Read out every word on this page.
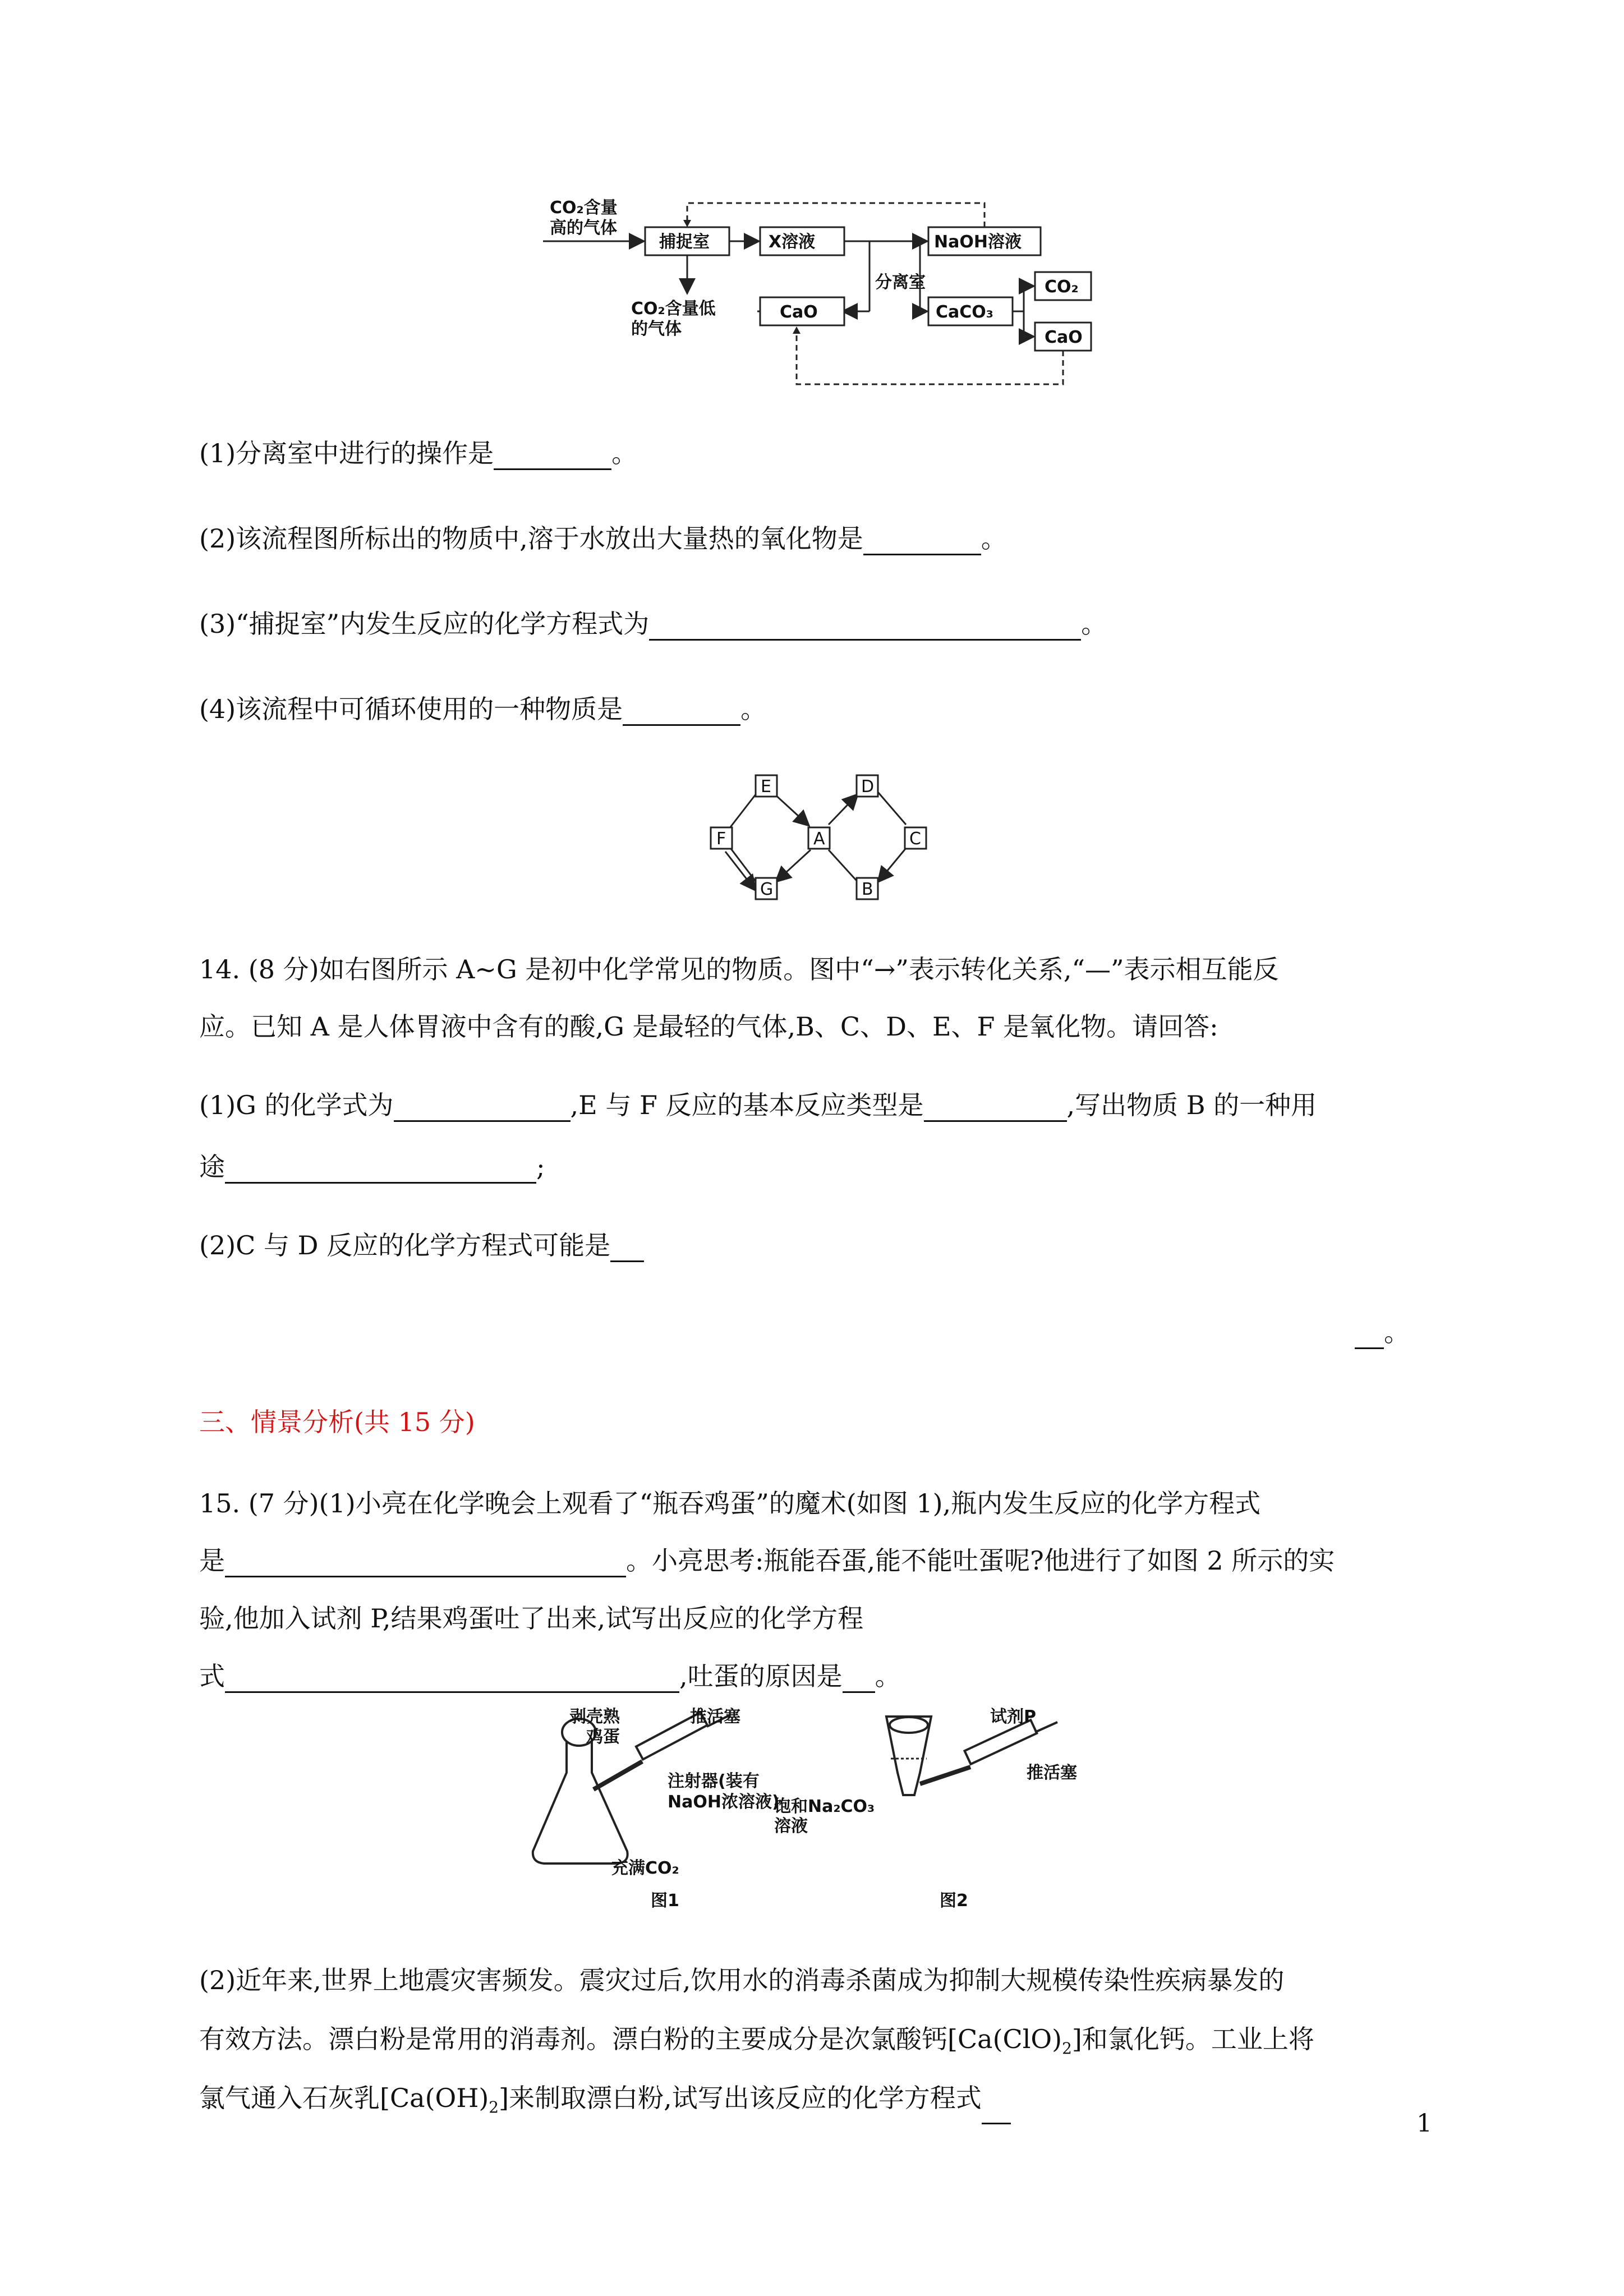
CO₂含量
高的气体
捕捉室	X溶液
分离室
CaO
CO₂含量低
的气体
NaOH溶液
CaCO₃
CO₂
CaO
(1)分离室中进行的操作是	。
(2)该流程图所标出的物质中,溶于水放出大量热的氧化物是	。
(3)“捕捉室”内发生反应的化学方程式为	。
(4)该流程中可循环使用的一种物质是	。
E	D
F	A	C
G	B
14. (8 分)如右图所示 A~G 是初中化学常见的物质。图中“→”表示转化关系,“—”表示相互能反
应。已知 A 是人体胃液中含有的酸,G 是最轻的气体,B、C、D、E、F 是氧化物。请回答:
(1)G 的化学式为	,E 与 F 反应的基本反应类型是	,写出物质 B 的一种用
途	;
(2)C 与 D 反应的化学方程式可能是
。
三、情景分析(共 15 分)
15. (7 分)(1)小亮在化学晚会上观看了“瓶吞鸡蛋”的魔术(如图 1),瓶内发生反应的化学方程式
是	。小亮思考:瓶能吞蛋,能不能吐蛋呢?他进行了如图 2 所示的实
验,他加入试剂 P,结果鸡蛋吐了出来,试写出反应的化学方程
式	,吐蛋的原因是 。
剥壳熟
鸡蛋
推活塞
注射器(装有
NaOH浓溶液)
充满CO₂
饱和Na₂CO₃
溶液
试剂P
推活塞
图1	图2
(2)近年来,世界上地震灾害频发。震灾过后,饮用水的消毒杀菌成为抑制大规模传染性疾病暴发的
有效方法。漂白粉是常用的消毒剂。漂白粉的主要成分是次氯酸钙$[Ca(ClO)_2]$和氯化钙。工业上将
氯气通入石灰乳$[Ca(OH)_2]$来制取漂白粉,试写出该反应的化学方程式
1
